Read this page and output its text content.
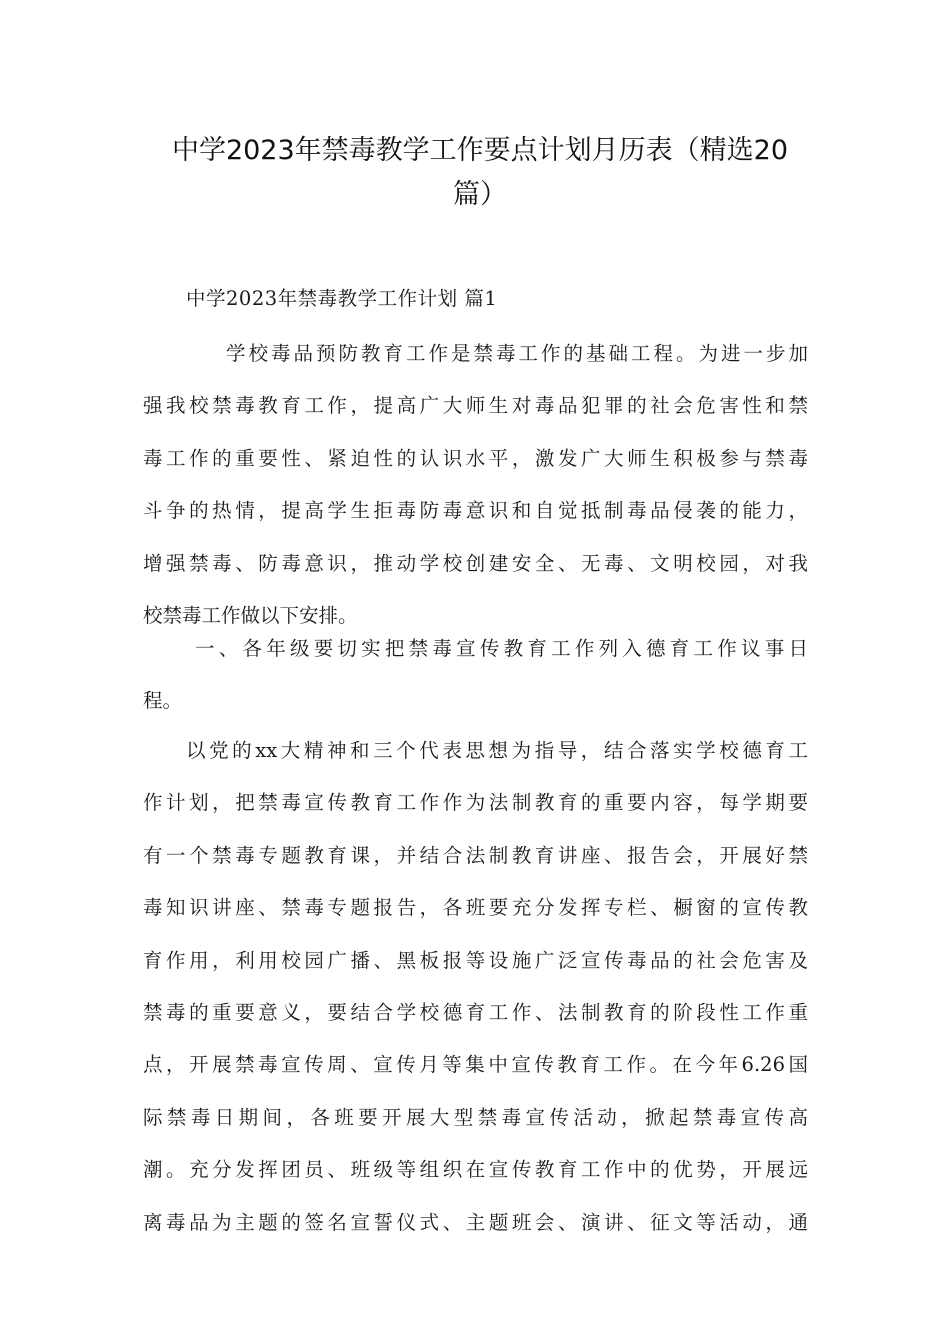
中学2023年禁毒教学工作要点计划月历表（精选20
篇）
中学2023年禁毒教学工作计划 篇1
学校毒品预防教育工作是禁毒工作的基础工程。为进一步加
强我校禁毒教育工作，提高广大师生对毒品犯罪的社会危害性和禁
毒工作的重要性、紧迫性的认识水平，激发广大师生积极参与禁毒
斗争的热情，提高学生拒毒防毒意识和自觉抵制毒品侵袭的能力，
增强禁毒、防毒意识，推动学校创建安全、无毒、文明校园，对我
校禁毒工作做以下安排。
一、各年级要切实把禁毒宣传教育工作列入德育工作议事日
程。
以党的xx大精神和三个代表思想为指导，结合落实学校德育工
作计划，把禁毒宣传教育工作作为法制教育的重要内容，每学期要
有一个禁毒专题教育课，并结合法制教育讲座、报告会，开展好禁
毒知识讲座、禁毒专题报告，各班要充分发挥专栏、橱窗的宣传教
育作用，利用校园广播、黑板报等设施广泛宣传毒品的社会危害及
禁毒的重要意义，要结合学校德育工作、法制教育的阶段性工作重
点，开展禁毒宣传周、宣传月等集中宣传教育工作。在今年6.26国
际禁毒日期间，各班要开展大型禁毒宣传活动，掀起禁毒宣传高
潮。充分发挥团员、班级等组织在宣传教育工作中的优势，开展远
离毒品为主题的签名宣誓仪式、主题班会、演讲、征文等活动，通
